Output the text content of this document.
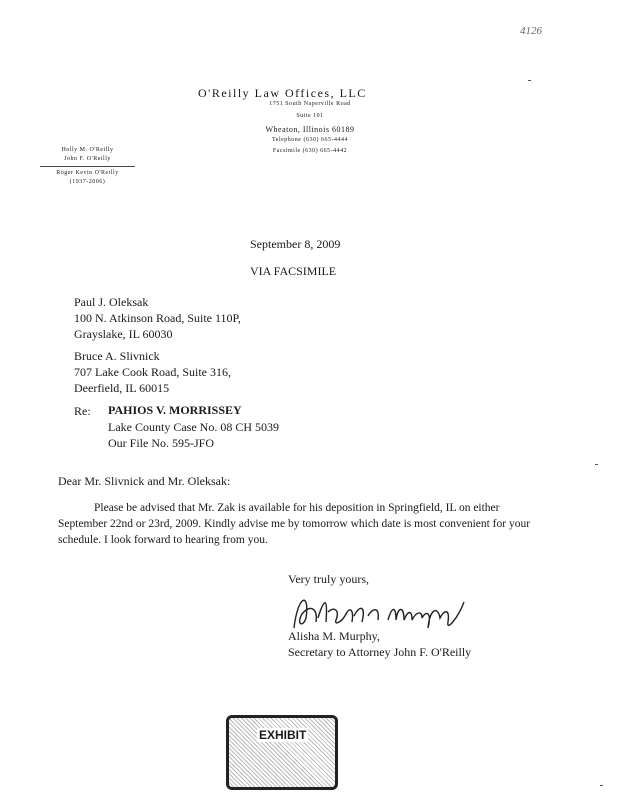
4126
O'Reilly Law Offices, LLC
1751 South Naperville Road
Suite 101
Wheaton, Illinois 60189
Telephone (630) 665-4444
Facsimile (630) 665-4442
Holly M. O'Reilly
John F. O'Reilly
Roger Kevin O'Reilly
(1937-2006)
September 8, 2009
VIA FACSIMILE
Paul J. Oleksak
100 N. Atkinson Road, Suite 110P,
Grayslake, IL 60030
Bruce A. Slivnick
707 Lake Cook Road, Suite 316,
Deerfield, IL 60015
Re: PAHIOS V. MORRISSEY
Lake County Case No. 08 CH 5039
Our File No. 595-JFO
Dear Mr. Slivnick and Mr. Oleksak:
Please be advised that Mr. Zak is available for his deposition in Springfield, IL on either September 22nd or 23rd, 2009. Kindly advise me by tomorrow which date is most convenient for your schedule. I look forward to hearing from you.
Very truly yours,
Alisha M. Murphy,
Secretary to Attorney John F. O'Reilly
EXHIBIT
